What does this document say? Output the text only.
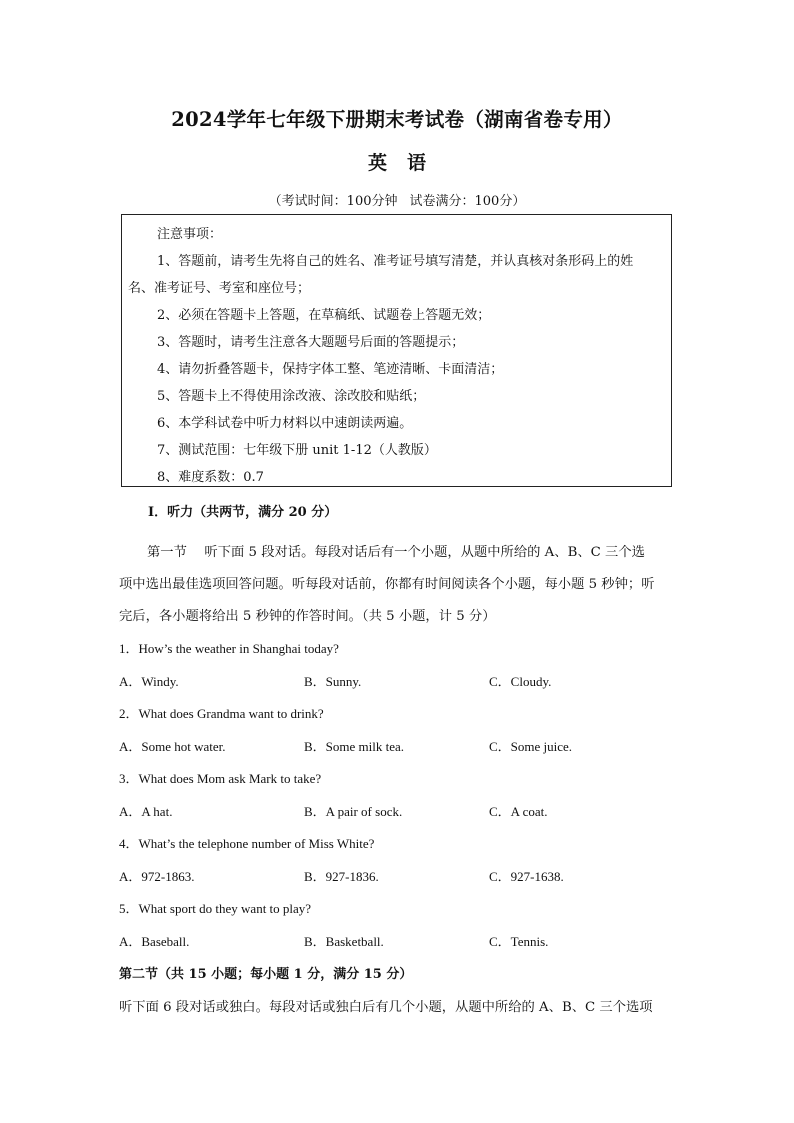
2024学年七年级下册期末考试卷（湖南省卷专用）
英 语
（考试时间：100分钟 试卷满分：100分）
注意事项：
1、答题前，请考生先将自己的姓名、准考证号填写清楚，并认真核对条形码上的姓
名、准考证号、考室和座位号；
2、必须在答题卡上答题，在草稿纸、试题卷上答题无效；
3、答题时，请考生注意各大题题号后面的答题提示；
4、请勿折叠答题卡，保持字体工整、笔迹清晰、卡面清洁；
5、答题卡上不得使用涂改液、涂改胶和贴纸；
6、本学科试卷中听力材料以中速朗读两遍。
7、测试范围：七年级下册 unit 1-12（人教版）
8、难度系数：0.7
I．听力（共两节，满分 20 分）
第一节　 听下面 5 段对话。每段对话后有一个小题，从题中所给的 A、B、C 三个选
项中选出最佳选项回答问题。听每段对话前，你都有时间阅读各个小题，每小题 5 秒钟；听
完后，各小题将给出 5 秒钟的作答时间。（共 5 小题，计 5 分）
1．How’s the weather in Shanghai today?
A．Windy.	B．Sunny.	C．Cloudy.
2．What does Grandma want to drink?
A．Some hot water.	B．Some milk tea.	C．Some juice.
3．What does Mom ask Mark to take?
A．A hat.	B．A pair of sock.	C．A coat.
4．What’s the telephone number of Miss White?
A．972-1863.	B．927-1836.	C．927-1638.
5．What sport do they want to play?
A．Baseball.	B．Basketball.	C．Tennis.
第二节（共 15 小题；每小题 1 分，满分 15 分）
听下面 6 段对话或独白。每段对话或独白后有几个小题，从题中所给的 A、B、C 三个选项
